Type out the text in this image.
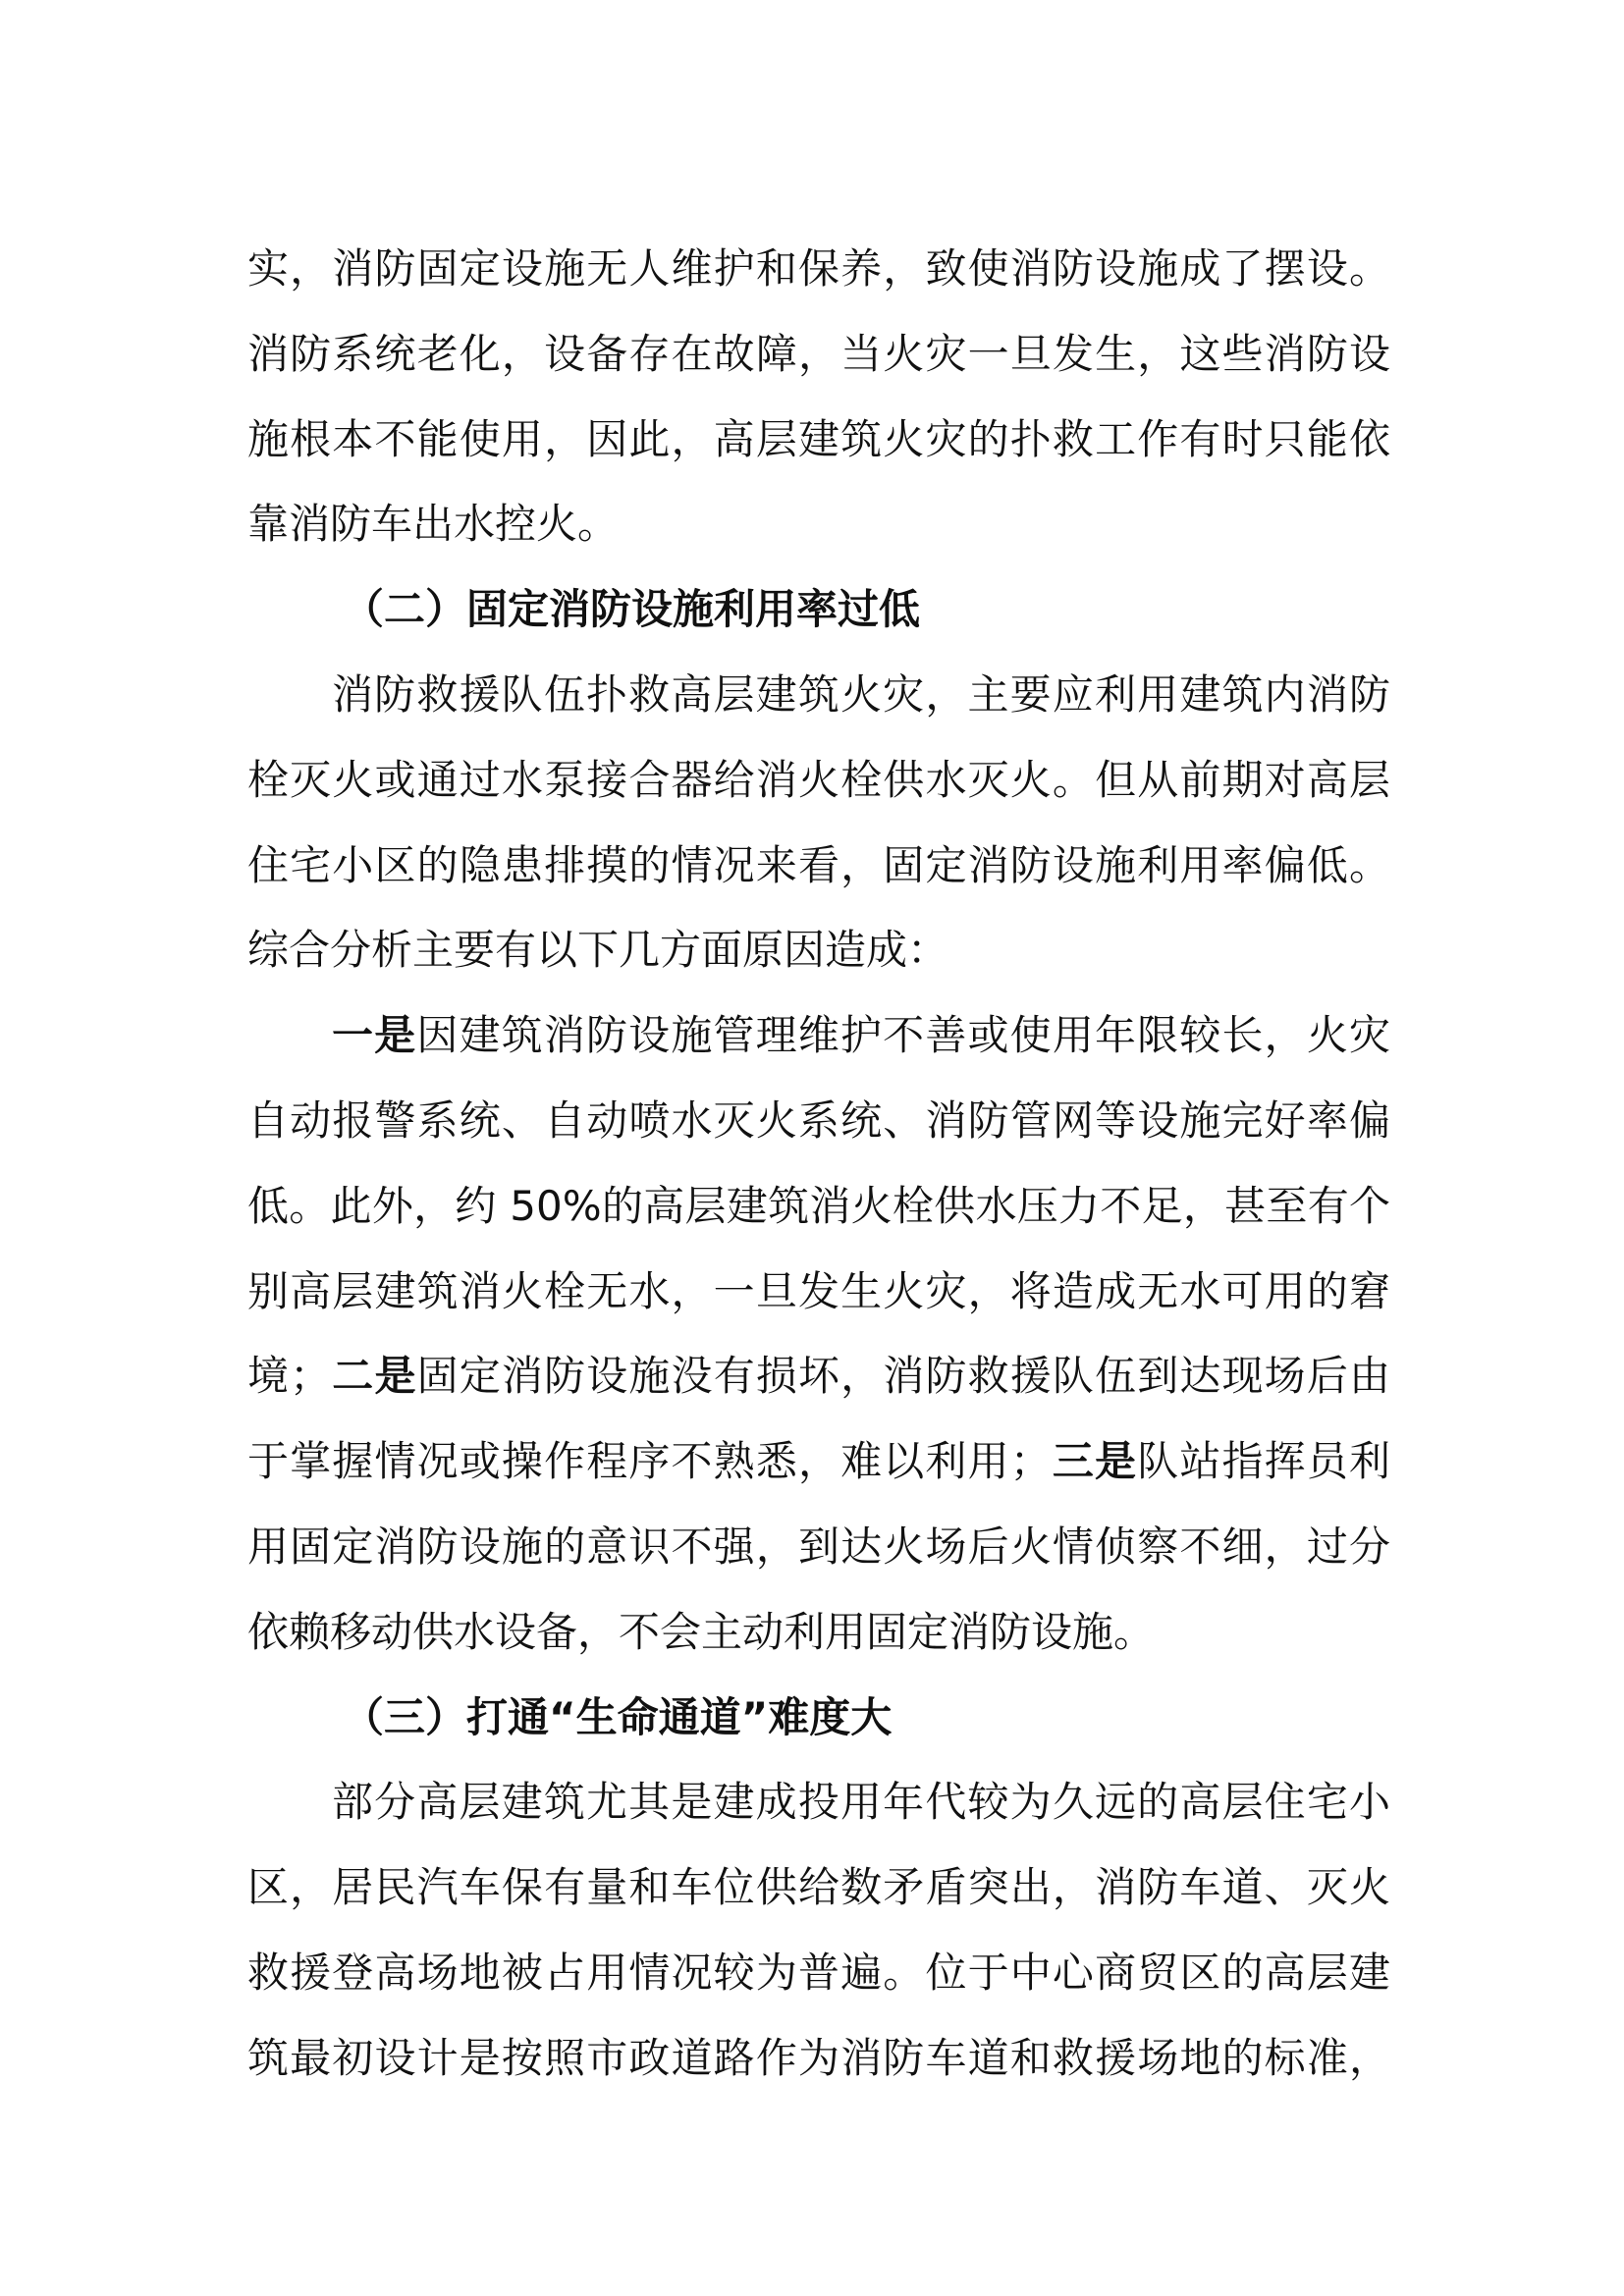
实，消防固定设施无人维护和保养，致使消防设施成了摆设。
消防系统老化，设备存在故障，当火灾一旦发生，这些消防设
施根本不能使用，因此，高层建筑火灾的扑救工作有时只能依
靠消防车出水控火。
（二）固定消防设施利用率过低
消防救援队伍扑救高层建筑火灾，主要应利用建筑内消防
栓灭火或通过水泵接合器给消火栓供水灭火。但从前期对高层
住宅小区的隐患排摸的情况来看，固定消防设施利用率偏低。
综合分析主要有以下几方面原因造成：
一是因建筑消防设施管理维护不善或使用年限较长，火灾
自动报警系统、自动喷水灭火系统、消防管网等设施完好率偏
低。此外，约 50%的高层建筑消火栓供水压力不足，甚至有个
别高层建筑消火栓无水，一旦发生火灾，将造成无水可用的窘
境；二是固定消防设施没有损坏，消防救援队伍到达现场后由
于掌握情况或操作程序不熟悉，难以利用；三是队站指挥员利
用固定消防设施的意识不强，到达火场后火情侦察不细，过分
依赖移动供水设备，不会主动利用固定消防设施。
（三）打通“生命通道”难度大
部分高层建筑尤其是建成投用年代较为久远的高层住宅小
区，居民汽车保有量和车位供给数矛盾突出，消防车道、灭火
救援登高场地被占用情况较为普遍。位于中心商贸区的高层建
筑最初设计是按照市政道路作为消防车道和救援场地的标准，
